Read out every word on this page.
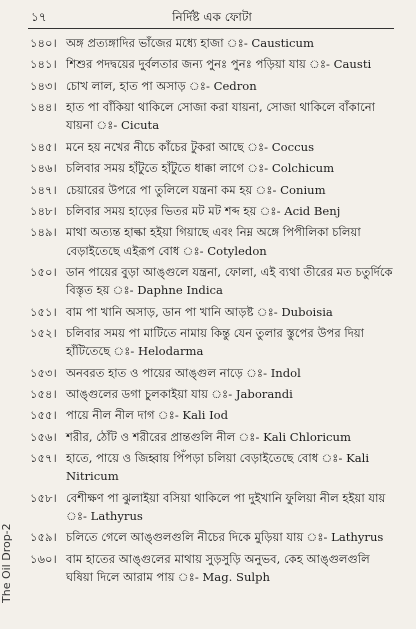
১৭	নির্দিষ্ট এক ফোটা
১৪০। অঙ্গ প্রত্যঙ্গাদির ভাঁজের মধ্যে হাজা ঃ- Causticum
১৪১। শিশুর পদদ্বয়ের দুর্বলতার জন্য পুনঃ পুনঃ পড়িয়া যায় ঃ- Causti
১৪৩। চোখ লাল, হাত পা অসাড় ঃ- Cedron
১৪৪। হাত পা বাঁকিয়া থাকিলে সোজা করা যায়না, সোজা থাকিলে বাঁকানো যায়না ঃ- Cicuta
১৪৫। মনে হয় নখের নীচে কাঁচের টুকরা আছে ঃ- Coccus
১৪৬। চলিবার সময় হাঁটুতে হাঁটুতে ধাক্কা লাগে ঃ- Colchicum
১৪৭। চেয়ারের উপরে পা তুলিলে যন্ত্রনা কম হয় ঃ- Conium
১৪৮। চলিবার সময় হাড়ের ভিতর মট মট শব্দ হয় ঃ- Acid Benj
১৪৯। মাথা অত্যন্ত হাল্কা হইয়া গিয়াছে এবং নিম্ন অঙ্গে পিপীলিকা চলিয়া বেড়াইতেছে এইরূপ বোধ ঃ- Cotyledon
১৫০। ডান পায়ের বুড়া আঙ্গুলে যন্ত্রনা, ফোলা, এই ব্যথা তীরের মত চতুর্দিকে বিস্তৃত হয় ঃ- Daphne Indica
১৫১। বাম পা খানি অসাড়, ডান পা খানি আড়ষ্ট ঃ- Duboisia
১৫২। চলিবার সময় পা মাটিতে নামায় কিন্তু যেন তুলার স্তুপের উপর দিয়া হাঁটিতেছে ঃ- Helodarma
১৫৩। অনবরত হাত ও পায়ের আঙ্গুল নাড়ে ঃ- Indol
১৫৪। আঙ্গুলের ডগা চুলকাইয়া যায় ঃ- Jaborandi
১৫৫। পায়ে নীল নীল দাগ ঃ- Kali Iod
১৫৬। শরীর, ঠোঁট ও শরীরের প্রান্তগুলি নীল ঃ- Kali Chloricum
১৫৭। হাতে, পায়ে ও জিহ্বায় পিঁপড়া চলিয়া বেড়াইতেছে বোধ ঃ- Kali Nitricum
১৫৮। বেশীক্ষণ পা ঝুলাইয়া বসিয়া থাকিলে পা দুইখানি ফুলিয়া নীল হইয়া যায় ঃ- Lathyrus
১৫৯। চলিতে গেলে আঙ্গুলগুলি নীচের দিকে মুড়িয়া যায় ঃ- Lathyrus
১৬০। বাম হাতের আঙ্গুলের মাথায় সুড়সুড়ি অনুভব, কেহ আঙ্গুলগুলি ঘষিয়া দিলে আরাম পায় ঃ- Mag. Sulph
The Oil Drop-2
